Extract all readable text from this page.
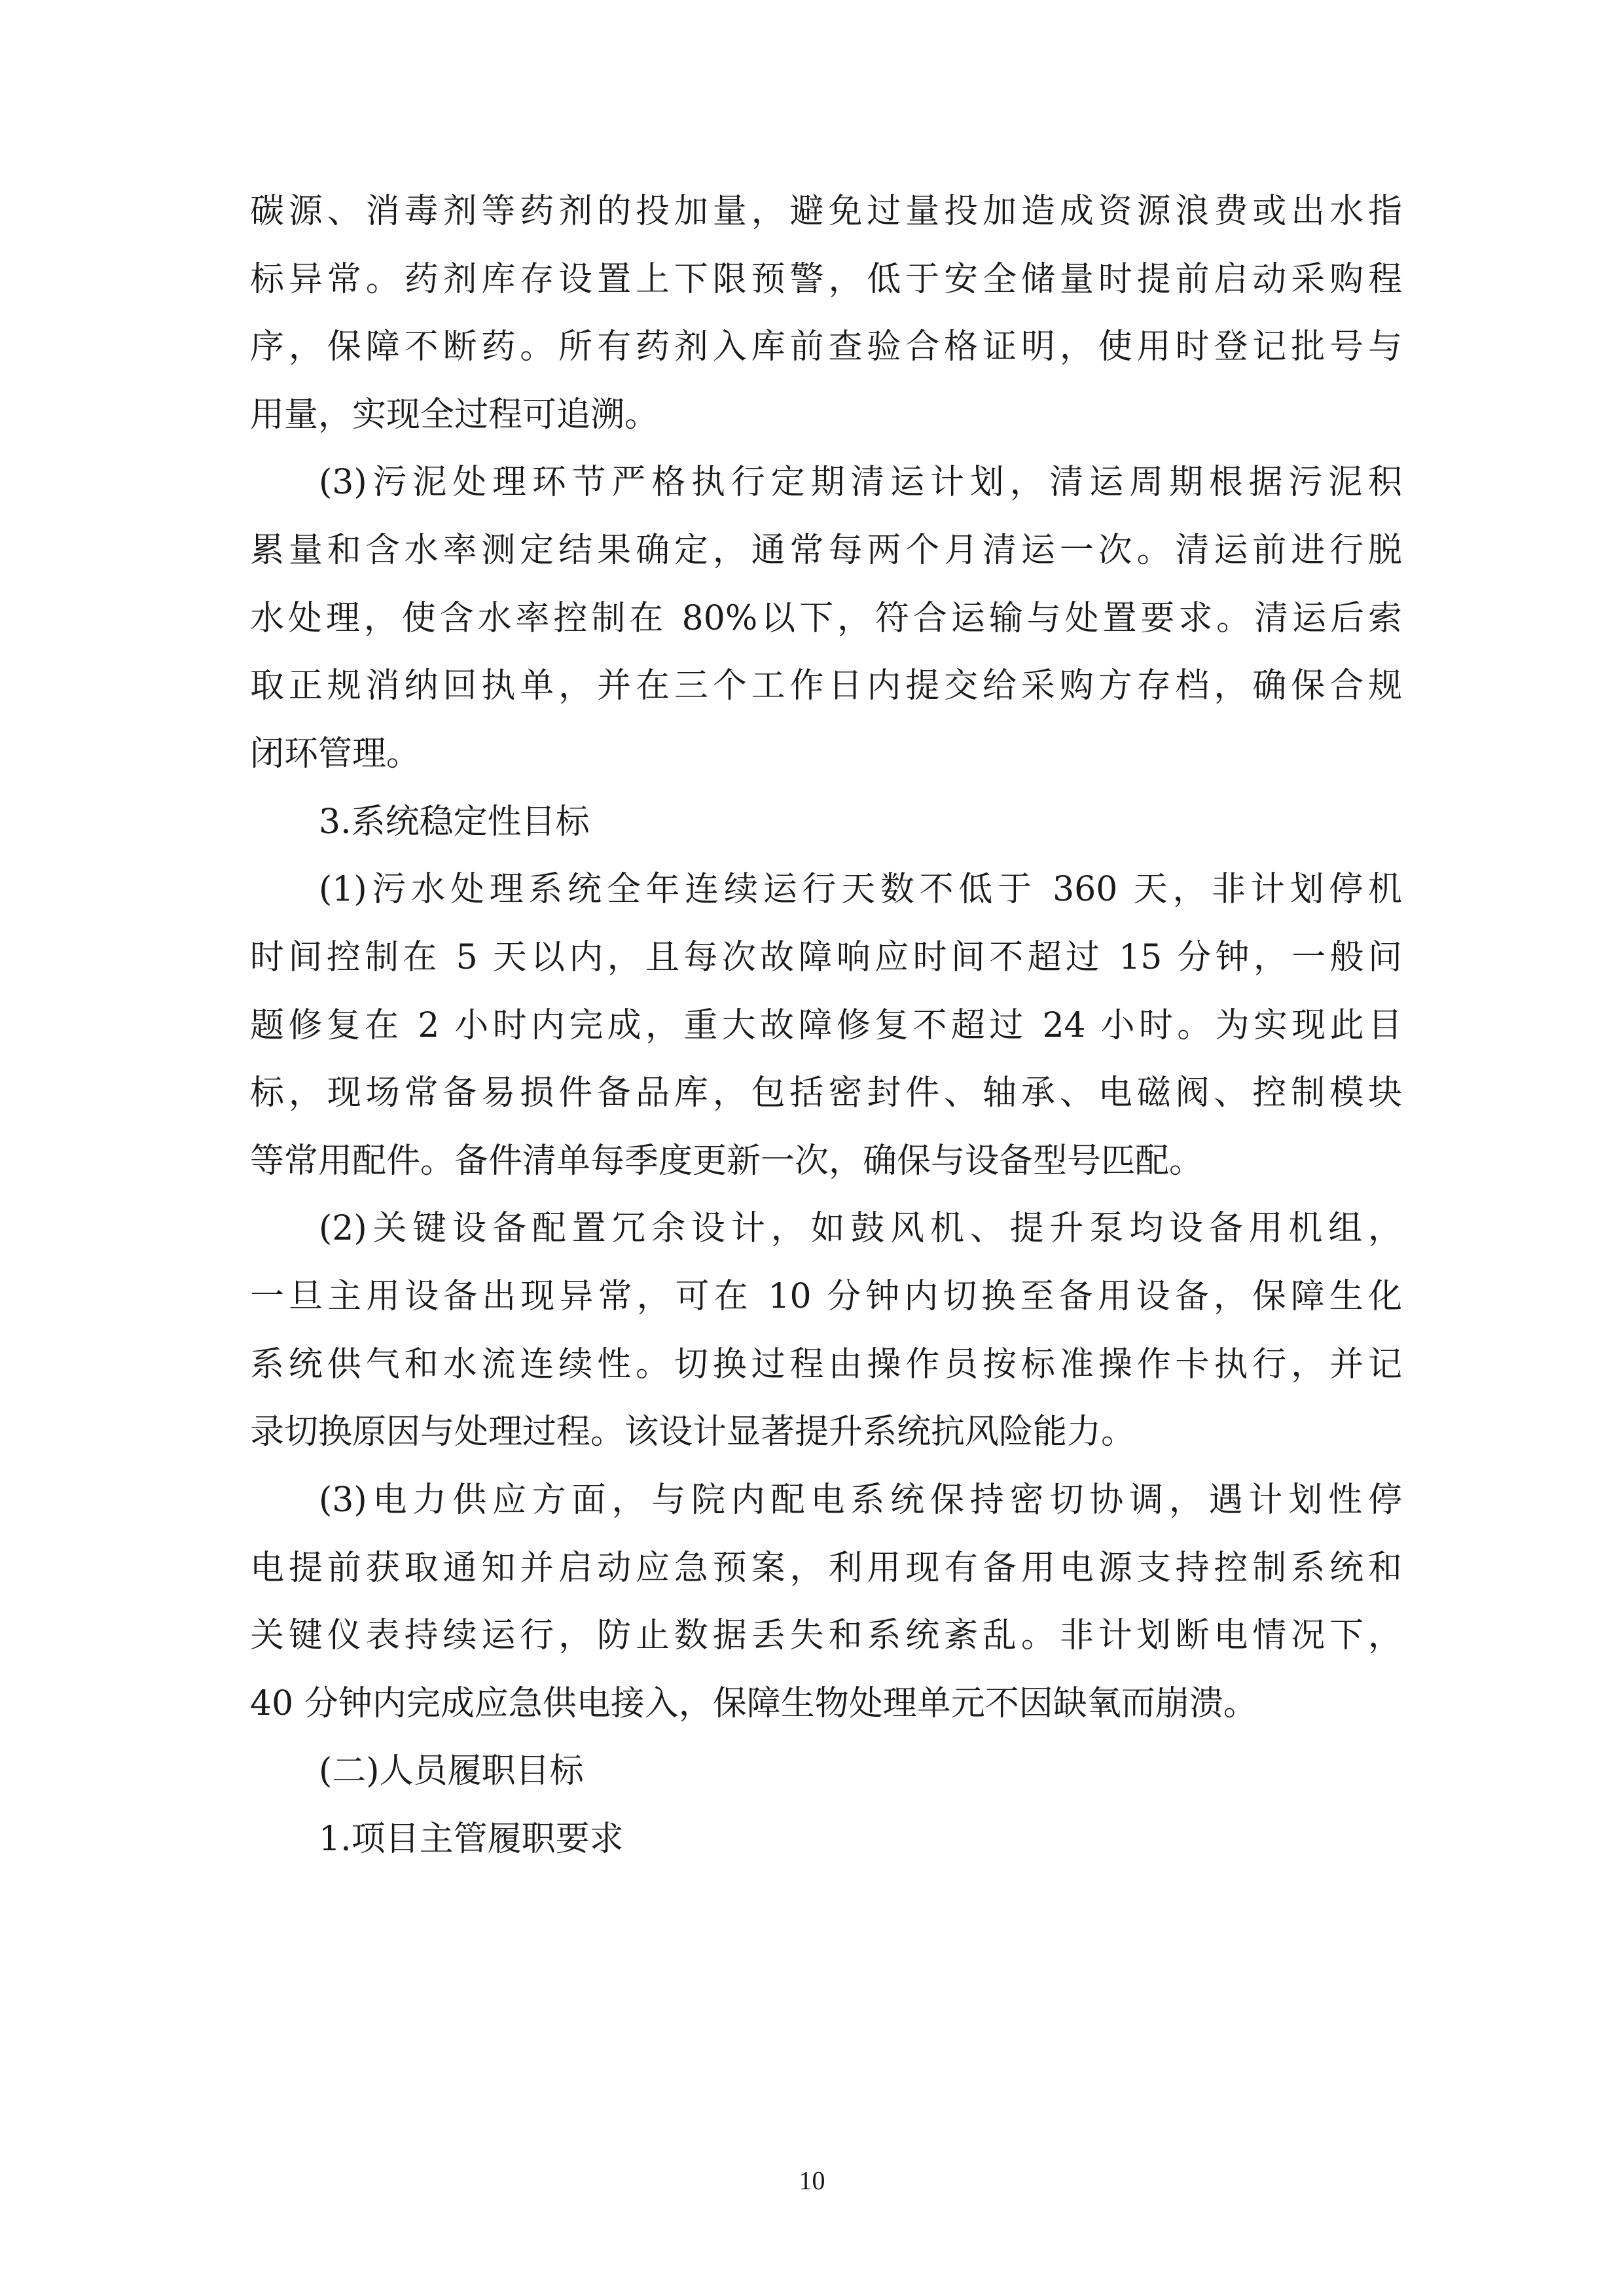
碳源、消毒剂等药剂的投加量，避免过量投加造成资源浪费或出水指
标异常。药剂库存设置上下限预警，低于安全储量时提前启动采购程
序，保障不断药。所有药剂入库前查验合格证明，使用时登记批号与
用量，实现全过程可追溯。
(3)污泥处理环节严格执行定期清运计划，清运周期根据污泥积
累量和含水率测定结果确定，通常每两个月清运一次。清运前进行脱
水处理，使含水率控制在 80%以下，符合运输与处置要求。清运后索
取正规消纳回执单，并在三个工作日内提交给采购方存档，确保合规
闭环管理。
3.系统稳定性目标
(1)污水处理系统全年连续运行天数不低于 360 天，非计划停机
时间控制在 5 天以内，且每次故障响应时间不超过 15 分钟，一般问
题修复在 2 小时内完成，重大故障修复不超过 24 小时。为实现此目
标，现场常备易损件备品库，包括密封件、轴承、电磁阀、控制模块
等常用配件。备件清单每季度更新一次，确保与设备型号匹配。
(2)关键设备配置冗余设计，如鼓风机、提升泵均设备用机组，
一旦主用设备出现异常，可在 10 分钟内切换至备用设备，保障生化
系统供气和水流连续性。切换过程由操作员按标准操作卡执行，并记
录切换原因与处理过程。该设计显著提升系统抗风险能力。
(3)电力供应方面，与院内配电系统保持密切协调，遇计划性停
电提前获取通知并启动应急预案，利用现有备用电源支持控制系统和
关键仪表持续运行，防止数据丢失和系统紊乱。非计划断电情况下，
40 分钟内完成应急供电接入，保障生物处理单元不因缺氧而崩溃。
(二)人员履职目标
1.项目主管履职要求
10
